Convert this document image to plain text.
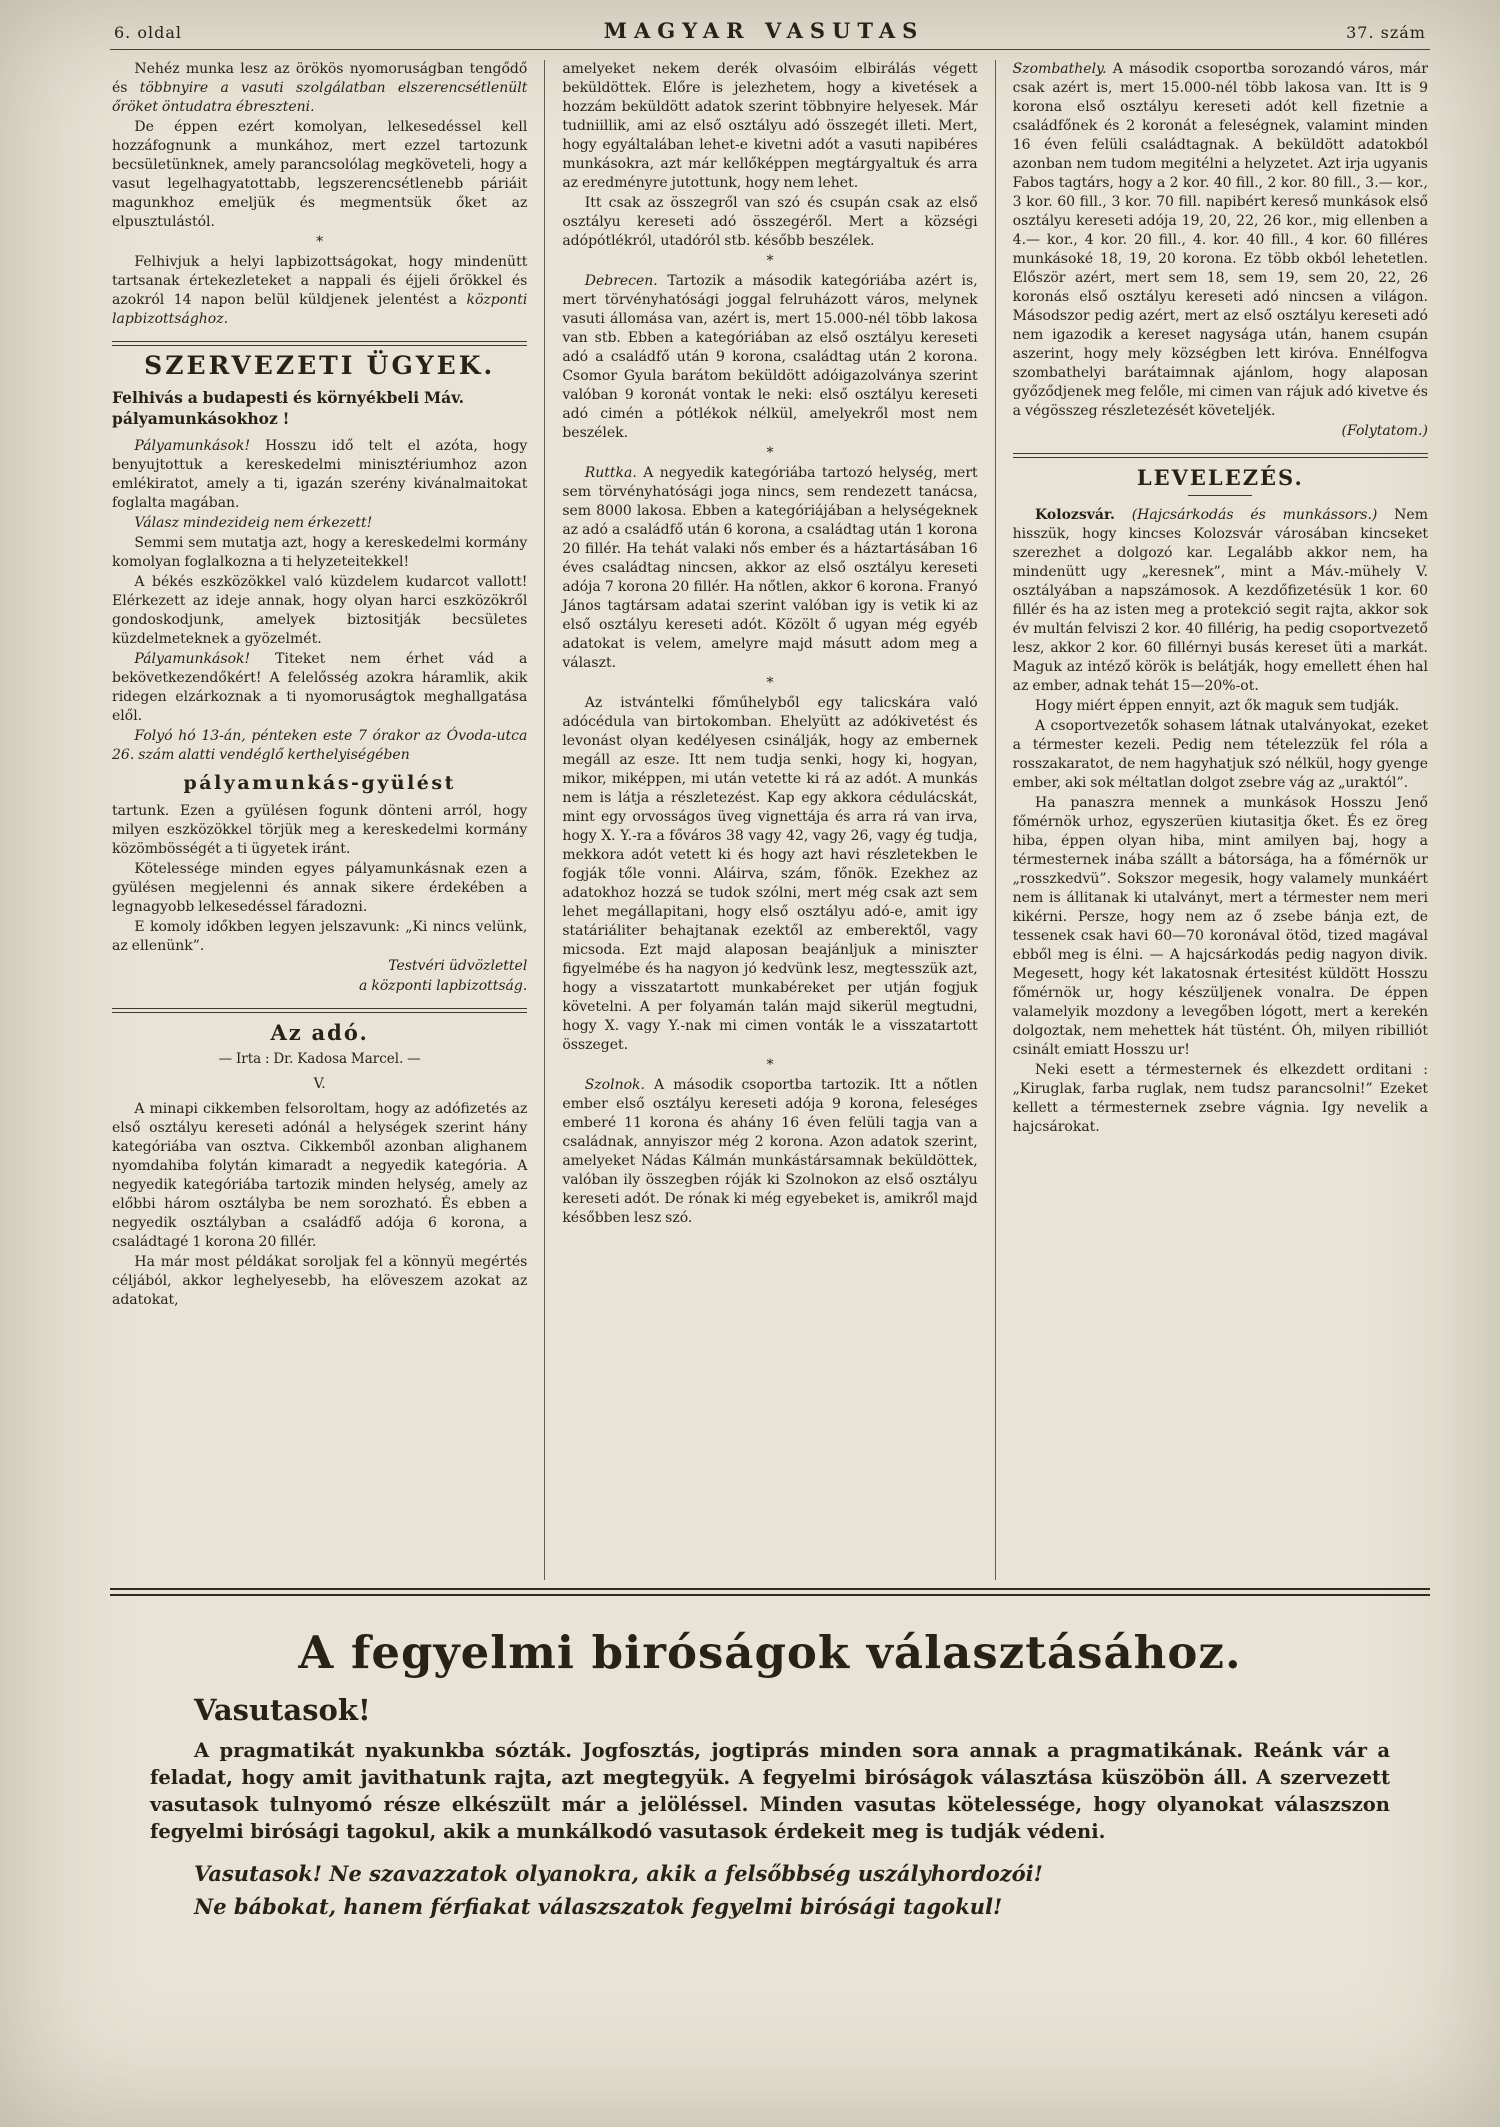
6. oldal	MAGYAR VASUTAS	37. szám

Nehéz munka lesz az örökös nyomoruságban tengődő és többnyire a vasuti szolgálatban elszerencsétlenült őröket öntudatra ébreszteni.

De éppen ezért komolyan, lelkesedéssel kell hozzáfognunk a munkához, mert ezzel tartozunk becsületünknek, amely parancsolólag megköveteli, hogy a vasut legelhagyatottabb, legszerencsétlenebb páriáit magunkhoz emeljük és megmentsük őket az elpusztulástól.

*

Felhivjuk a helyi lapbizottságokat, hogy mindenütt tartsanak értekezleteket a nappali és éjjeli őrökkel és azokról 14 napon belül küldjenek jelentést a központi lapbizottsághoz.

SZERVEZETI ÜGYEK.
Felhivás a budapesti és környékbeli Máv. pályamunkásokhoz !

Pályamunkások! Hosszu idő telt el azóta, hogy benyujtottuk a kereskedelmi minisztériumhoz azon emlékiratot, amely a ti, igazán szerény kivánalmaitokat foglalta magában.

Válasz mindezideig nem érkezett!

Semmi sem mutatja azt, hogy a kereskedelmi kormány komolyan foglalkozna a ti helyzeteitekkel!

A békés eszközökkel való küzdelem kudarcot vallott! Elérkezett az ideje annak, hogy olyan harci eszközökről gondoskodjunk, amelyek biztositják becsületes küzdelmeteknek a gyözelmét.

Pályamunkások! Titeket nem érhet vád a bekövetkezendőkért! A felelősség azokra háramlik, akik ridegen elzárkoznak a ti nyomoruságtok meghallgatása elől.

Folyó hó 13-án, pénteken este 7 órakor az Óvoda-utca 26. szám alatti vendéglő kerthelyiségében

pályamunkás-gyülést

tartunk. Ezen a gyülésen fogunk dönteni arról, hogy milyen eszközökkel törjük meg a kereskedelmi kormány közömbösségét a ti ügyetek iránt.

Kötelessége minden egyes pályamunkásnak ezen a gyülésen megjelenni és annak sikere érdekében a legnagyobb lelkesedéssel fáradozni.

E komoly időkben legyen jelszavunk: „Ki nincs velünk, az ellenünk”.

Testvéri üdvözlettel
a központi lapbizottság.
Az adó.
— Irta : Dr. Kadosa Marcel. —
V.

A minapi cikkemben felsoroltam, hogy az adófizetés az első osztályu kereseti adónál a helységek szerint hány kategóriába van osztva. Cikkemből azonban alighanem nyomdahiba folytán kimaradt a negyedik kategória. A negyedik kategóriába tartozik minden helység, amely az előbbi három osztályba be nem sorozható. És ebben a negyedik osztályban a családfő adója 6 korona, a családtagé 1 korona 20 fillér.

Ha már most példákat soroljak fel a könnyü megértés céljából, akkor leghelyesebb, ha elöveszem azokat az adatokat,

amelyeket nekem derék olvasóim elbirálás végett beküldöttek. Előre is jelezhetem, hogy a kivetések a hozzám beküldött adatok szerint többnyire helyesek. Már tudniillik, ami az első osztályu adó összegét illeti. Mert, hogy egyáltalában lehet-e kivetni adót a vasuti napibéres munkásokra, azt már kellőképpen megtárgyaltuk és arra az eredményre jutottunk, hogy nem lehet.

Itt csak az összegről van szó és csupán csak az első osztályu kereseti adó összegéről. Mert a községi adópótlékról, utadóról stb. később beszélek.

*

Debrecen. Tartozik a második kategóriába azért is, mert törvényhatósági joggal felruházott város, melynek vasuti állomása van, azért is, mert 15.000-nél több lakosa van stb. Ebben a kategóriában az első osztályu kereseti adó a családfő után 9 korona, családtag után 2 korona. Csomor Gyula barátom beküldött adóigazolványa szerint valóban 9 koronát vontak le neki: első osztályu kereseti adó cimén a pótlékok nélkül, amelyekről most nem beszélek.

*

Ruttka. A negyedik kategóriába tartozó helység, mert sem törvényhatósági joga nincs, sem rendezett tanácsa, sem 8000 lakosa. Ebben a kategóriájában a helységeknek az adó a családfő után 6 korona, a családtag után 1 korona 20 fillér. Ha tehát valaki nős ember és a háztartásában 16 éves családtag nincsen, akkor az első osztályu kereseti adója 7 korona 20 fillér. Ha nőtlen, akkor 6 korona. Franyó János tagtársam adatai szerint valóban igy is vetik ki az első osztályu kereseti adót. Közölt ő ugyan még egyéb adatokat is velem, amelyre majd másutt adom meg a választ.

*

Az istvántelki főműhelyből egy talicskára való adócédula van birtokomban. Ehelyütt az adókivetést és levonást olyan kedélyesen csinálják, hogy az embernek megáll az esze. Itt nem tudja senki, hogy ki, hogyan, mikor, miképpen, mi után vetette ki rá az adót. A munkás nem is látja a részletezést. Kap egy akkora cédulácskát, mint egy orvosságos üveg vignettája és arra rá van irva, hogy X. Y.-ra a főváros 38 vagy 42, vagy 26, vagy ég tudja, mekkora adót vetett ki és hogy azt havi részletekben le fogják tőle vonni. Aláirva, szám, főnök. Ezekhez az adatokhoz hozzá se tudok szólni, mert még csak azt sem lehet megállapitani, hogy első osztályu adó-e, amit igy statáriáliter behajtanak ezektől az emberektől, vagy micsoda. Ezt majd alaposan beajánljuk a miniszter figyelmébe és ha nagyon jó kedvünk lesz, megtesszük azt, hogy a visszatartott munkabéreket per utján fogjuk követelni. A per folyamán talán majd sikerül megtudni, hogy X. vagy Y.-nak mi cimen vonták le a visszatartott összeget.

*

Szolnok. A második csoportba tartozik. Itt a nőtlen ember első osztályu kereseti adója 9 korona, feleséges emberé 11 korona és ahány 16 éven felüli tagja van a családnak, annyiszor még 2 korona. Azon adatok szerint, amelyeket Nádas Kálmán munkástársamnak beküldöttek, valóban ily összegben róják ki Szolnokon az első osztályu kereseti adót. De rónak ki még egyebeket is, amikről majd későbben lesz szó.

Szombathely. A második csoportba sorozandó város, már csak azért is, mert 15.000-nél több lakosa van. Itt is 9 korona első osztályu kereseti adót kell fizetnie a családfőnek és 2 koronát a feleségnek, valamint minden 16 éven felüli családtagnak. A beküldött adatokból azonban nem tudom megitélni a helyzetet. Azt irja ugyanis Fabos tagtárs, hogy a 2 kor. 40 fill., 2 kor. 80 fill., 3.— kor., 3 kor. 60 fill., 3 kor. 70 fill. napibért kereső munkások első osztályu kereseti adója 19, 20, 22, 26 kor., mig ellenben a 4.— kor., 4 kor. 20 fill., 4. kor. 40 fill., 4 kor. 60 filléres munkásoké 18, 19, 20 korona. Ez több okból lehetetlen. Először azért, mert sem 18, sem 19, sem 20, 22, 26 koronás első osztályu kereseti adó nincsen a világon. Másodszor pedig azért, mert az első osztályu kereseti adó nem igazodik a kereset nagysága után, hanem csupán aszerint, hogy mely községben lett kiróva. Ennélfogva szombathelyi barátaimnak ajánlom, hogy alaposan győződjenek meg felőle, mi cimen van rájuk adó kivetve és a végösszeg részletezését követeljék.

(Folytatom.)
LEVELEZÉS.

Kolozsvár. (Hajcsárkodás és munkássors.) Nem hisszük, hogy kincses Kolozsvár városában kincseket szerezhet a dolgozó kar. Legalább akkor nem, ha mindenütt ugy „keresnek”, mint a Máv.-mühely V. osztályában a napszámosok. A kezdőfizetésük 1 kor. 60 fillér és ha az isten meg a protekció segit rajta, akkor sok év multán felviszi 2 kor. 40 fillérig, ha pedig csoportvezető lesz, akkor 2 kor. 60 fillérnyi busás kereset üti a markát. Maguk az intéző körök is belátják, hogy emellett éhen hal az ember, adnak tehát 15—20%-ot.

Hogy miért éppen ennyit, azt ők maguk sem tudják.

A csoportvezetők sohasem látnak utalványokat, ezeket a térmester kezeli. Pedig nem tételezzük fel róla a rosszakaratot, de nem hagyhatjuk szó nélkül, hogy gyenge ember, aki sok méltatlan dolgot zsebre vág az „uraktól”.

Ha panaszra mennek a munkások Hosszu Jenő főmérnök urhoz, egyszerüen kiutasitja őket. És ez öreg hiba, éppen olyan hiba, mint amilyen baj, hogy a térmesternek inába szállt a bátorsága, ha a főmérnök ur „rosszkedvü”. Sokszor megesik, hogy valamely munkáért nem is állitanak ki utalványt, mert a térmester nem meri kikérni. Persze, hogy nem az ő zsebe bánja ezt, de tessenek csak havi 60—70 koronával ötöd, tized magával ebből meg is élni. — A hajcsárkodás pedig nagyon divik. Megesett, hogy két lakatosnak értesitést küldött Hosszu főmérnök ur, hogy készüljenek vonalra. De éppen valamelyik mozdony a levegőben lógott, mert a kerekén dolgoztak, nem mehettek hát tüstént. Óh, milyen ribilliót csinált emiatt Hosszu ur!

Neki esett a térmesternek és elkezdett orditani : „Kiruglak, farba ruglak, nem tudsz parancsolni!” Ezeket kellett a térmesternek zsebre vágnia. Igy nevelik a hajcsárokat.

A fegyelmi biróságok választásához.
Vasutasok!

A pragmatikát nyakunkba sózták. Jogfosztás, jogtiprás minden sora annak a pragmatikának. Reánk vár a feladat, hogy amit javithatunk rajta, azt megtegyük. A fegyelmi biróságok választása küszöbön áll. A szervezett vasutasok tulnyomó része elkészült már a jelöléssel. Minden vasutas kötelessége, hogy olyanokat válaszszon fegyelmi birósági tagokul, akik a munkálkodó vasutasok érdekeit meg is tudják védeni.

Vasutasok! Ne szavazzatok olyanokra, akik a felsőbbség uszályhordozói!

Ne bábokat, hanem férfiakat válaszszatok fegyelmi birósági tagokul!
